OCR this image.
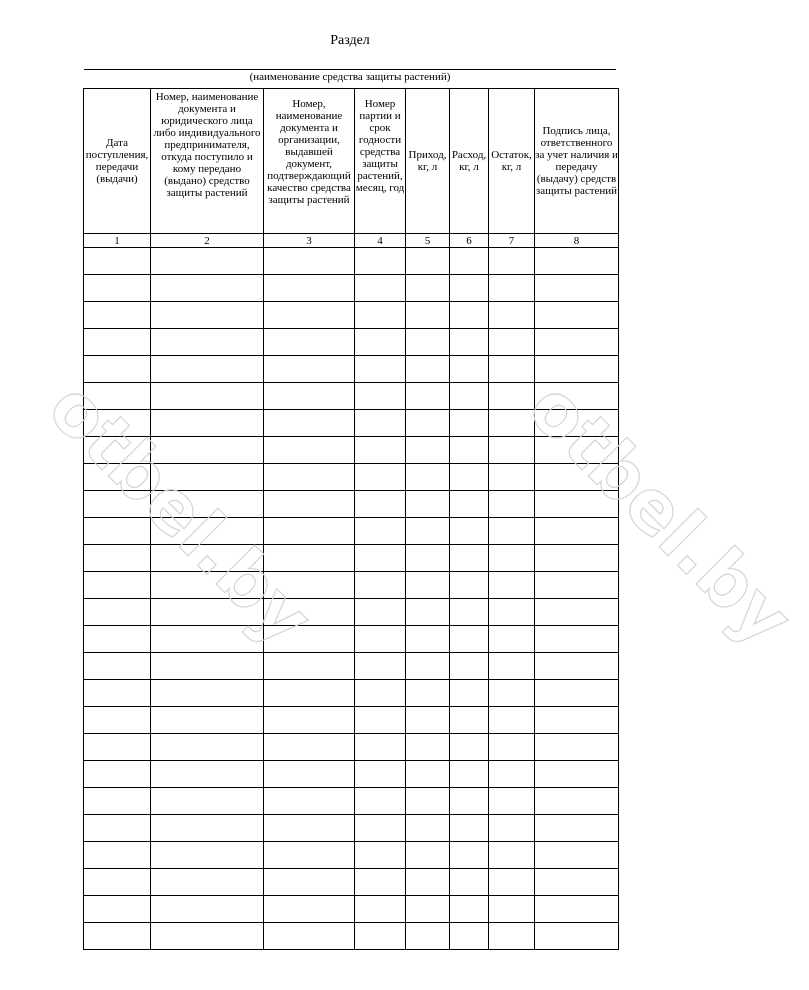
Раздел
(наименование средства защиты растений)
Дата поступления, передачи (выдачи)	Номер, наименование документа и юридического лица либо индивидуального предпринимателя, откуда поступило и кому передано (выдано) средство защиты растений	Номер, наименование документа и организации, выдавшей документ, подтверждающий качество средства защиты растений	Номер партии и срок годности средства защиты растений, месяц, год	Приход, кг, л	Расход, кг, л	Остаток, кг, л	Подпись лица, ответственного за учет наличия и передачу (выдачу) средств защиты растений
1	2	3	4	5	6	7	8

otbel.by	otbel.by
